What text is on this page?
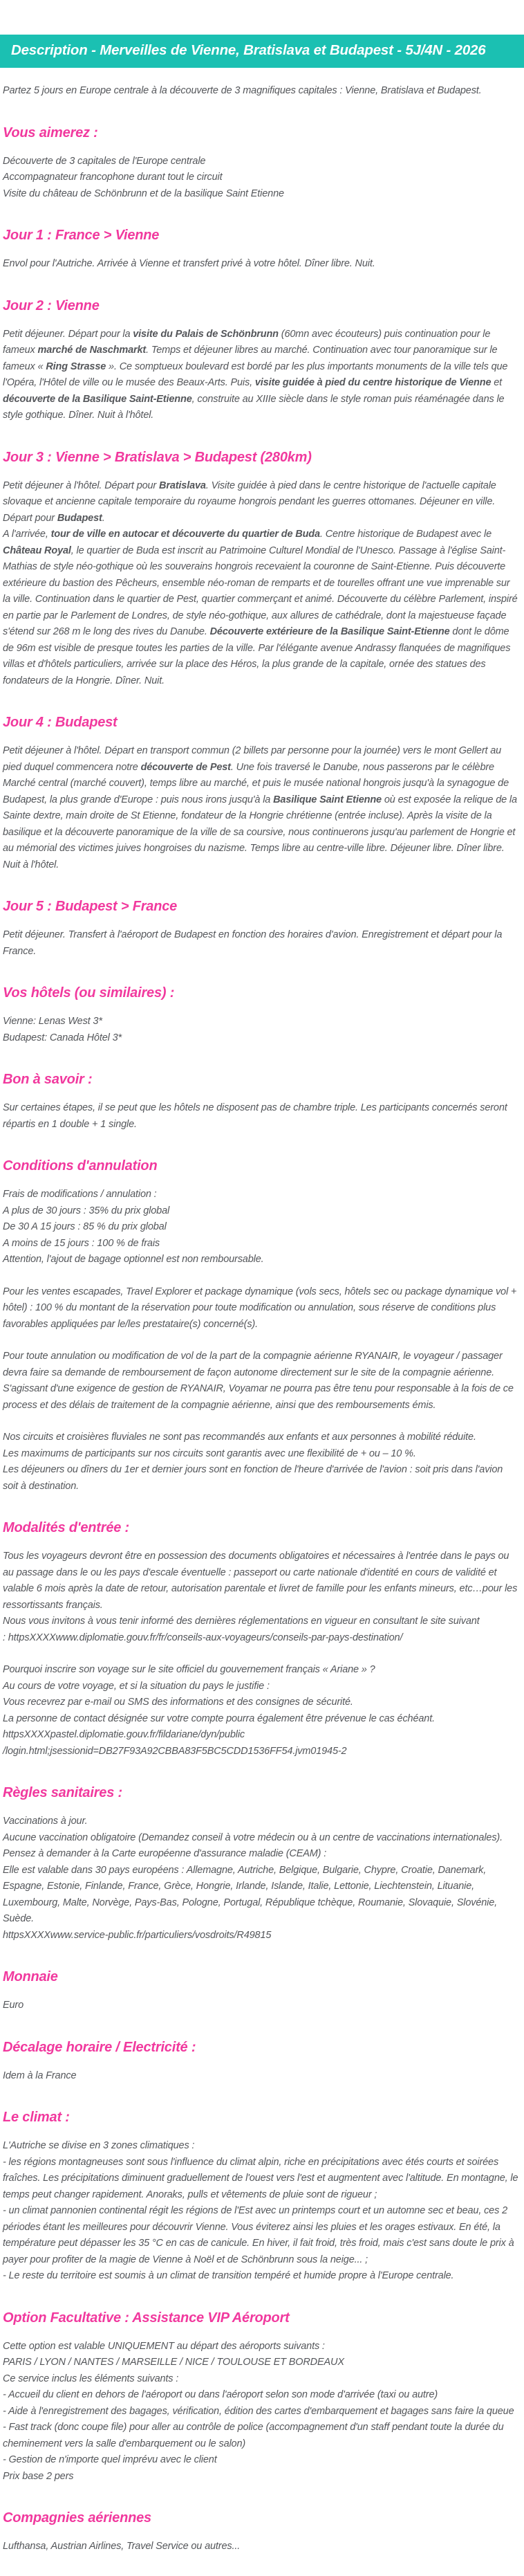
Description - Merveilles de Vienne, Bratislava et Budapest - 5J/4N - 2026

Partez 5 jours en Europe centrale à la découverte de 3 magnifiques capitales : Vienne, Bratislava et Budapest.

Vous aimerez :

Découverte de 3 capitales de l'Europe centrale
Accompagnateur francophone durant tout le circuit
Visite du château de Schönbrunn et de la basilique Saint Etienne

Jour 1 : France > Vienne

Envol pour l'Autriche. Arrivée à Vienne et transfert privé à votre hôtel. Dîner libre. Nuit.

Jour 2 : Vienne

Petit déjeuner. Départ pour la visite du Palais de Schönbrunn (60mn avec écouteurs) puis continuation pour le fameux marché de Naschmarkt. Temps et déjeuner libres au marché. Continuation avec tour panoramique sur le fameux « Ring Strasse ». Ce somptueux boulevard est bordé par les plus importants monuments de la ville tels que l'Opéra, l'Hôtel de ville ou le musée des Beaux-Arts. Puis, visite guidée à pied du centre historique de Vienne et découverte de la Basilique Saint-Etienne, construite au XIIIe siècle dans le style roman puis réaménagée dans le style gothique. Dîner. Nuit à l'hôtel.

Jour 3 : Vienne > Bratislava > Budapest (280km)

Petit déjeuner à l'hôtel. Départ pour Bratislava. Visite guidée à pied dans le centre historique de l'actuelle capitale slovaque et ancienne capitale temporaire du royaume hongrois pendant les guerres ottomanes. Déjeuner en ville. Départ pour Budapest.
A l'arrivée, tour de ville en autocar et découverte du quartier de Buda. Centre historique de Budapest avec le Château Royal, le quartier de Buda est inscrit au Patrimoine Culturel Mondial de l'Unesco. Passage à l'église Saint-Mathias de style néo-gothique où les souverains hongrois recevaient la couronne de Saint-Etienne. Puis découverte extérieure du bastion des Pêcheurs, ensemble néo-roman de remparts et de tourelles offrant une vue imprenable sur la ville. Continuation dans le quartier de Pest, quartier commerçant et animé. Découverte du célèbre Parlement, inspiré en partie par le Parlement de Londres, de style néo-gothique, aux allures de cathédrale, dont la majestueuse façade s'étend sur 268 m le long des rives du Danube. Découverte extérieure de la Basilique Saint-Etienne dont le dôme de 96m est visible de presque toutes les parties de la ville. Par l'élégante avenue Andrassy flanquées de magnifiques villas et d'hôtels particuliers, arrivée sur la place des Héros, la plus grande de la capitale, ornée des statues des fondateurs de la Hongrie. Dîner. Nuit.

Jour 4 : Budapest

Petit déjeuner à l'hôtel. Départ en transport commun (2 billets par personne pour la journée) vers le mont Gellert au pied duquel commencera notre découverte de Pest. Une fois traversé le Danube, nous passerons par le célèbre Marché central (marché couvert), temps libre au marché, et puis le musée national hongrois jusqu'à la synagogue de Budapest, la plus grande d'Europe : puis nous irons jusqu'à la Basilique Saint Etienne où est exposée la relique de la Sainte dextre, main droite de St Etienne, fondateur de la Hongrie chrétienne (entrée incluse). Après la visite de la basilique et la découverte panoramique de la ville de sa coursive, nous continuerons jusqu'au parlement de Hongrie et au mémorial des victimes juives hongroises du nazisme. Temps libre au centre-ville libre. Déjeuner libre. Dîner libre. Nuit à l'hôtel.

Jour 5 : Budapest > France

Petit déjeuner. Transfert à l'aéroport de Budapest en fonction des horaires d'avion. Enregistrement et départ pour la France.

Vos hôtels (ou similaires) :

Vienne: Lenas West 3*
Budapest: Canada Hôtel 3*

Bon à savoir :

Sur certaines étapes, il se peut que les hôtels ne disposent pas de chambre triple. Les participants concernés seront répartis en 1 double + 1 single.

Conditions d'annulation

Frais de modifications / annulation :
A plus de 30 jours : 35% du prix global
De 30 A 15 jours : 85 % du prix global
A moins de 15 jours : 100 % de frais
Attention, l'ajout de bagage optionnel est non remboursable.

Pour les ventes escapades, Travel Explorer et package dynamique (vols secs, hôtels sec ou package dynamique vol + hôtel) : 100 % du montant de la réservation pour toute modification ou annulation, sous réserve de conditions plus favorables appliquées par le/les prestataire(s) concerné(s).

Pour toute annulation ou modification de vol de la part de la compagnie aérienne RYANAIR, le voyageur / passager devra faire sa demande de remboursement de façon autonome directement sur le site de la compagnie aérienne. S'agissant d'une exigence de gestion de RYANAIR, Voyamar ne pourra pas être tenu pour responsable à la fois de ce process et des délais de traitement de la compagnie aérienne, ainsi que des remboursements émis.

Nos circuits et croisières fluviales ne sont pas recommandés aux enfants et aux personnes à mobilité réduite.
Les maximums de participants sur nos circuits sont garantis avec une flexibilité de + ou – 10 %.
Les déjeuners ou dîners du 1er et dernier jours sont en fonction de l'heure d'arrivée de l'avion : soit pris dans l'avion soit à destination.

Modalités d'entrée :

Tous les voyageurs devront être en possession des documents obligatoires et nécessaires à l'entrée dans le pays ou au passage dans le ou les pays d'escale éventuelle : passeport ou carte nationale d'identité en cours de validité et valable 6 mois après la date de retour, autorisation parentale et livret de famille pour les enfants mineurs, etc…pour les ressortissants français.
Nous vous invitons à vous tenir informé des dernières réglementations en vigueur en consultant le site suivant
: httpsXXXXwww.diplomatie.gouv.fr/fr/conseils-aux-voyageurs/conseils-par-pays-destination/

Pourquoi inscrire son voyage sur le site officiel du gouvernement français « Ariane » ?
Au cours de votre voyage, et si la situation du pays le justifie :
Vous recevrez par e-mail ou SMS des informations et des consignes de sécurité.
La personne de contact désignée sur votre compte pourra également être prévenue le cas échéant.
httpsXXXXpastel.diplomatie.gouv.fr/fildariane/dyn/public
/login.html;jsessionid=DB27F93A92CBBA83F5BC5CDD1536FF54.jvm01945-2

Règles sanitaires :

Vaccinations à jour.
Aucune vaccination obligatoire (Demandez conseil à votre médecin ou à un centre de vaccinations internationales).
Pensez à demander à la Carte européenne d'assurance maladie (CEAM) :
Elle est valable dans 30 pays européens : Allemagne, Autriche, Belgique, Bulgarie, Chypre, Croatie, Danemark, Espagne, Estonie, Finlande, France, Grèce, Hongrie, Irlande, Islande, Italie, Lettonie, Liechtenstein, Lituanie, Luxembourg, Malte, Norvège, Pays-Bas, Pologne, Portugal, République tchèque, Roumanie, Slovaquie, Slovénie, Suède.
httpsXXXXwww.service-public.fr/particuliers/vosdroits/R49815

Monnaie

Euro

Décalage horaire / Electricité :

Idem à la France

Le climat :

L'Autriche se divise en 3 zones climatiques :
- les régions montagneuses sont sous l'influence du climat alpin, riche en précipitations avec étés courts et soirées fraîches. Les précipitations diminuent graduellement de l'ouest vers l'est et augmentent avec l'altitude. En montagne, le temps peut changer rapidement. Anoraks, pulls et vêtements de pluie sont de rigueur ;
- un climat pannonien continental régit les régions de l'Est avec un printemps court et un automne sec et beau, ces 2 périodes étant les meilleures pour découvrir Vienne. Vous éviterez ainsi les pluies et les orages estivaux. En été, la température peut dépasser les 35 °C en cas de canicule. En hiver, il fait froid, très froid, mais c'est sans doute le prix à payer pour profiter de la magie de Vienne à Noël et de Schönbrunn sous la neige... ;
- Le reste du territoire est soumis à un climat de transition tempéré et humide propre à l'Europe centrale.

Option Facultative : Assistance VIP Aéroport

Cette option est valable UNIQUEMENT au départ des aéroports suivants :
PARIS / LYON / NANTES / MARSEILLE / NICE / TOULOUSE ET BORDEAUX
Ce service inclus les éléments suivants :
- Accueil du client en dehors de l'aéroport ou dans l'aéroport selon son mode d'arrivée (taxi ou autre)
- Aide à l'enregistrement des bagages, vérification, édition des cartes d'embarquement et bagages sans faire la queue
- Fast track (donc coupe file) pour aller au contrôle de police (accompagnement d'un staff pendant toute la durée du cheminement vers la salle d'embarquement ou le salon)
- Gestion de n'importe quel imprévu avec le client
Prix base 2 pers

Compagnies aériennes

Lufthansa, Austrian Airlines, Travel Service ou autres...
